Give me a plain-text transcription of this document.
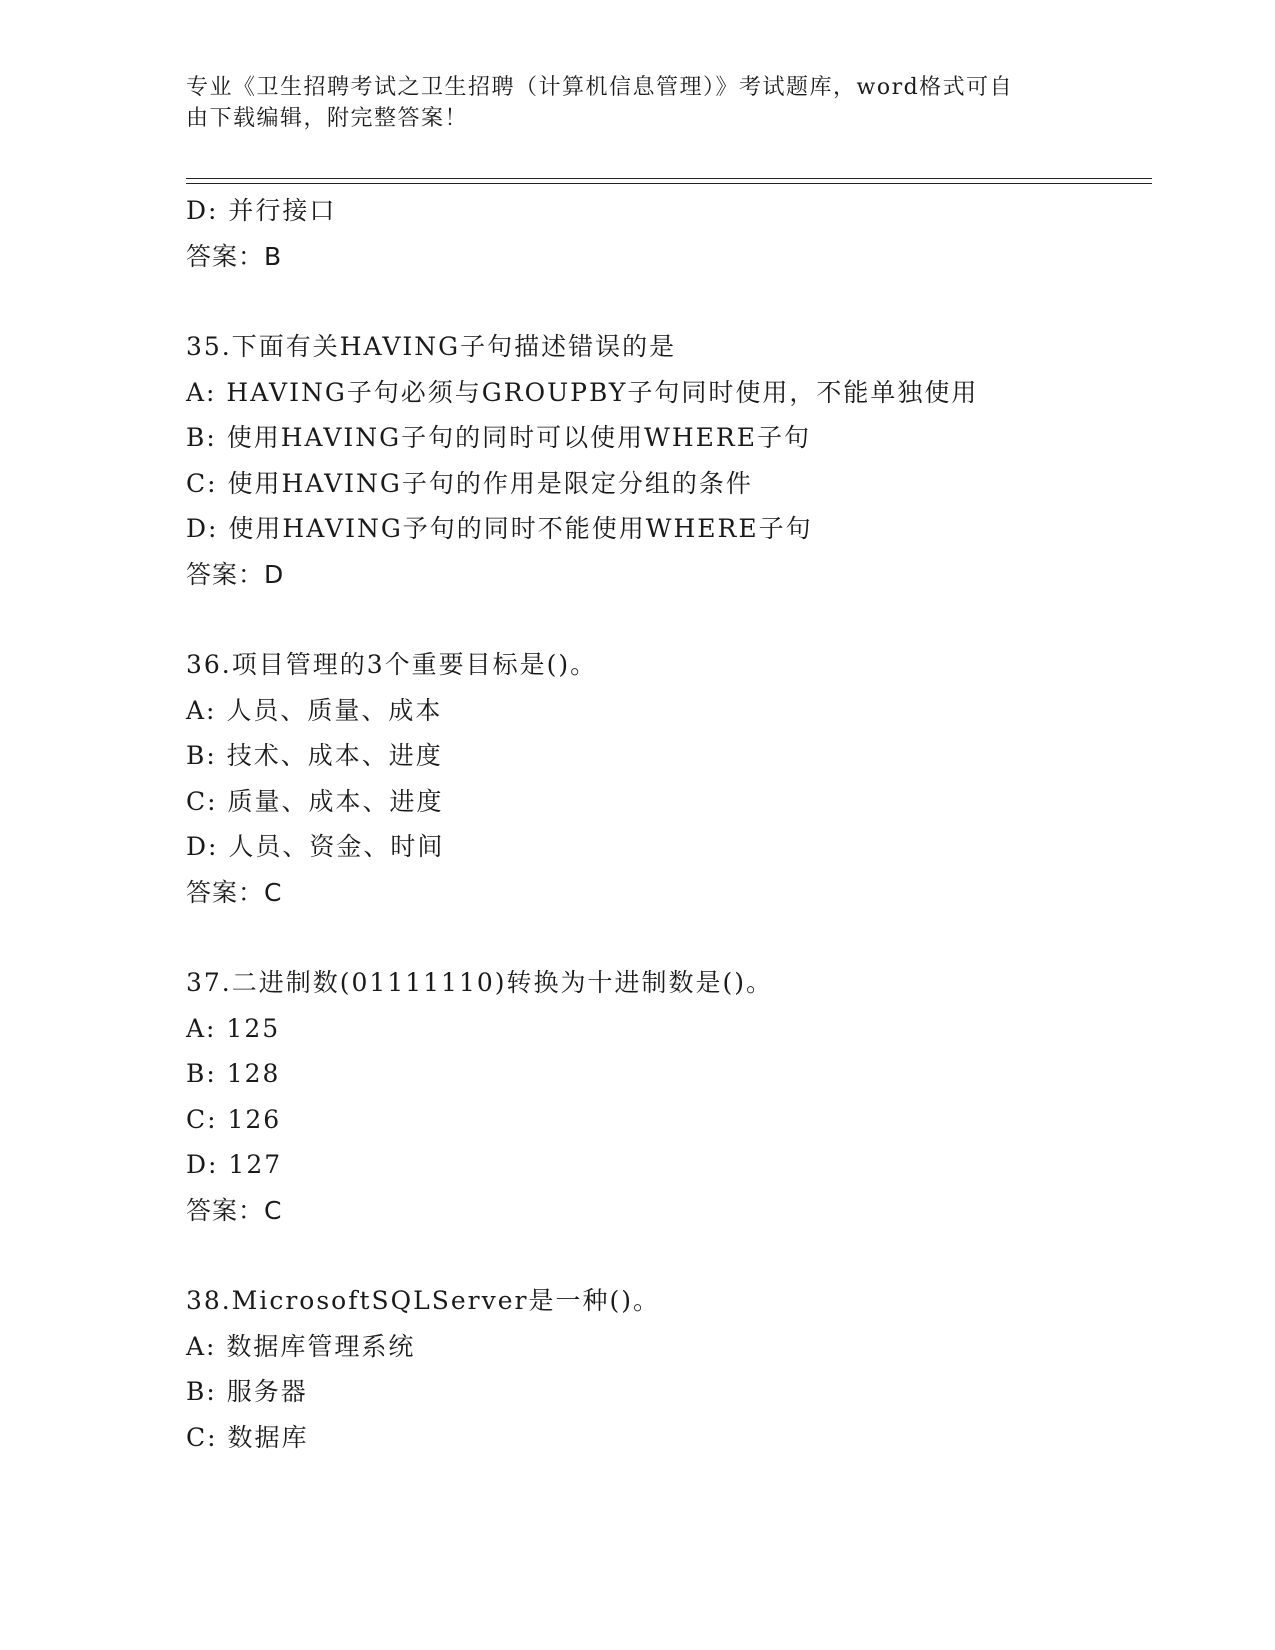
专业《卫生招聘考试之卫生招聘（计算机信息管理）》考试题库，word格式可自
由下载编辑，附完整答案！
D: 并行接口
答案：B
35.下面有关HAVING子句描述错误的是
A: HAVING子句必须与GROUPBY子句同时使用，不能单独使用
B: 使用HAVING子句的同时可以使用WHERE子句
C: 使用HAVING子句的作用是限定分组的条件
D: 使用HAVING予句的同时不能使用WHERE子句
答案：D
36.项目管理的3个重要目标是()。
A: 人员、质量、成本
B: 技术、成本、进度
C: 质量、成本、进度
D: 人员、资金、时间
答案：C
37.二进制数(01111110)转换为十进制数是()。
A: 125
B: 128
C: 126
D: 127
答案：C
38.MicrosoftSQLServer是一种()。
A: 数据库管理系统
B: 服务器
C: 数据库
